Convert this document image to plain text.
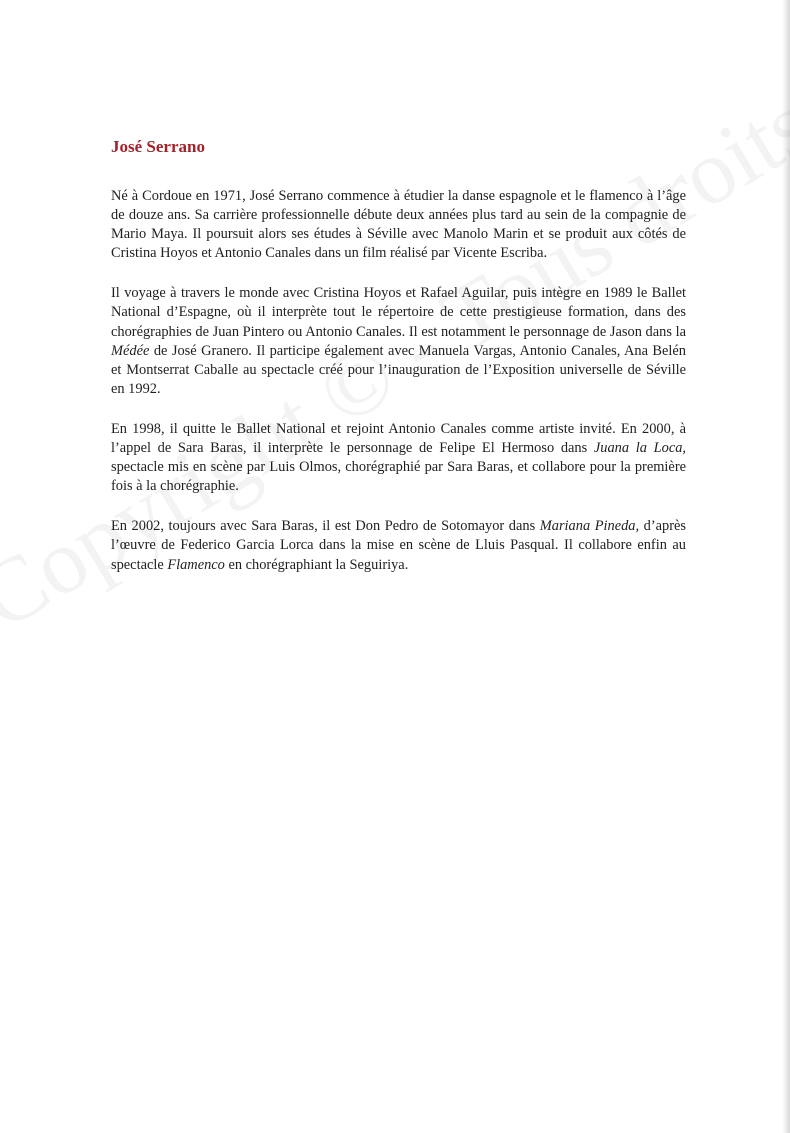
José Serrano

Né à Cordoue en 1971, José Serrano commence à étudier la danse espagnole et le flamenco à l’âge de douze ans. Sa carrière professionnelle débute deux années plus tard au sein de la compagnie de Mario Maya. Il poursuit alors ses études à Séville avec Manolo Marin et se produit aux côtés de Cristina Hoyos et Antonio Canales dans un film réalisé par Vicente Escriba.

Il voyage à travers le monde avec Cristina Hoyos et Rafael Aguilar, puis intègre en 1989 le Ballet National d’Espagne, où il interprète tout le répertoire de cette prestigieuse formation, dans des chorégraphies de Juan Pintero ou Antonio Canales. Il est notamment le personnage de Jason dans la Médée de José Granero. Il participe également avec Manuela Vargas, Antonio Canales, Ana Belén et Montserrat Caballe au spectacle créé pour l’inauguration de l’Exposition universelle de Séville en 1992.

En 1998, il quitte le Ballet National et rejoint Antonio Canales comme artiste invité. En 2000, à l’appel de Sara Baras, il interprète le personnage de Felipe El Hermoso dans Juana la Loca, spectacle mis en scène par Luis Olmos, chorégraphié par Sara Baras, et collabore pour la première fois à la chorégraphie.

En 2002, toujours avec Sara Baras, il est Don Pedro de Sotomayor dans Mariana Pineda, d’après l’œuvre de Federico Garcia Lorca dans la mise en scène de Lluis Pasqual. Il collabore enfin au spectacle Flamenco en chorégraphiant la Seguiriya.
